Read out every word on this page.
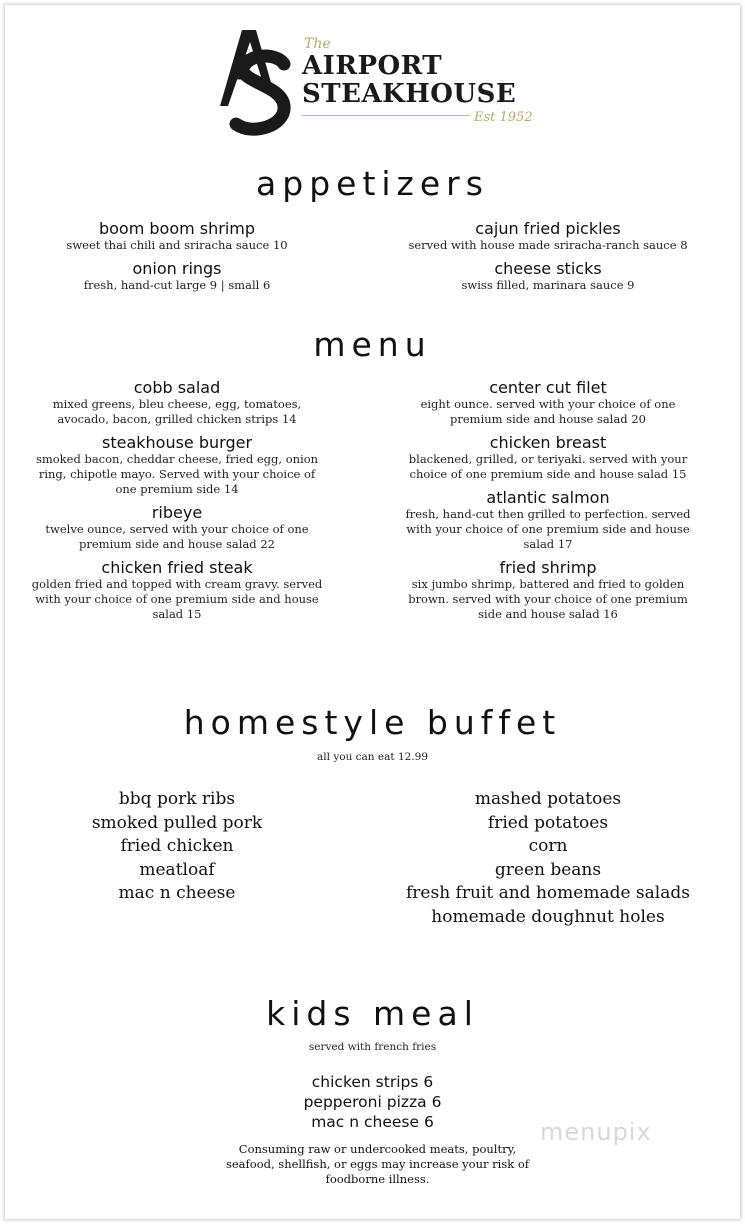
The
AIRPORT
STEAKHOUSE
Est 1952
appetizers
boom boom shrimp
sweet thai chili and sriracha sauce 10
onion rings
fresh, hand-cut large 9 | small 6
cajun fried pickles
served with house made sriracha-ranch sauce 8
cheese sticks
swiss filled, marinara sauce 9
menu
cobb salad
mixed greens, bleu cheese, egg, tomatoes, avocado, bacon, grilled chicken strips 14
steakhouse burger
smoked bacon, cheddar cheese, fried egg, onion ring, chipotle mayo. Served with your choice of one premium side 14
ribeye
twelve ounce, served with your choice of one premium side and house salad 22
chicken fried steak
golden fried and topped with cream gravy. served with your choice of one premium side and house salad 15
center cut filet
eight ounce. served with your choice of one premium side and house salad 20
chicken breast
blackened, grilled, or teriyaki. served with your choice of one premium side and house salad 15
atlantic salmon
fresh, hand-cut then grilled to perfection. served with your choice of one premium side and house salad 17
fried shrimp
six jumbo shrimp, battered and fried to golden brown. served with your choice of one premium side and house salad 16
homestyle buffet
all you can eat 12.99
bbq pork ribs
smoked pulled pork
fried chicken
meatloaf
mac n cheese
mashed potatoes
fried potatoes
corn
green beans
fresh fruit and homemade salads
homemade doughnut holes
kids meal
served with french fries
chicken strips 6
pepperoni pizza 6
mac n cheese 6
Consuming raw or undercooked meats, poultry, seafood, shellfish, or eggs may increase your risk of foodborne illness.
menupix
